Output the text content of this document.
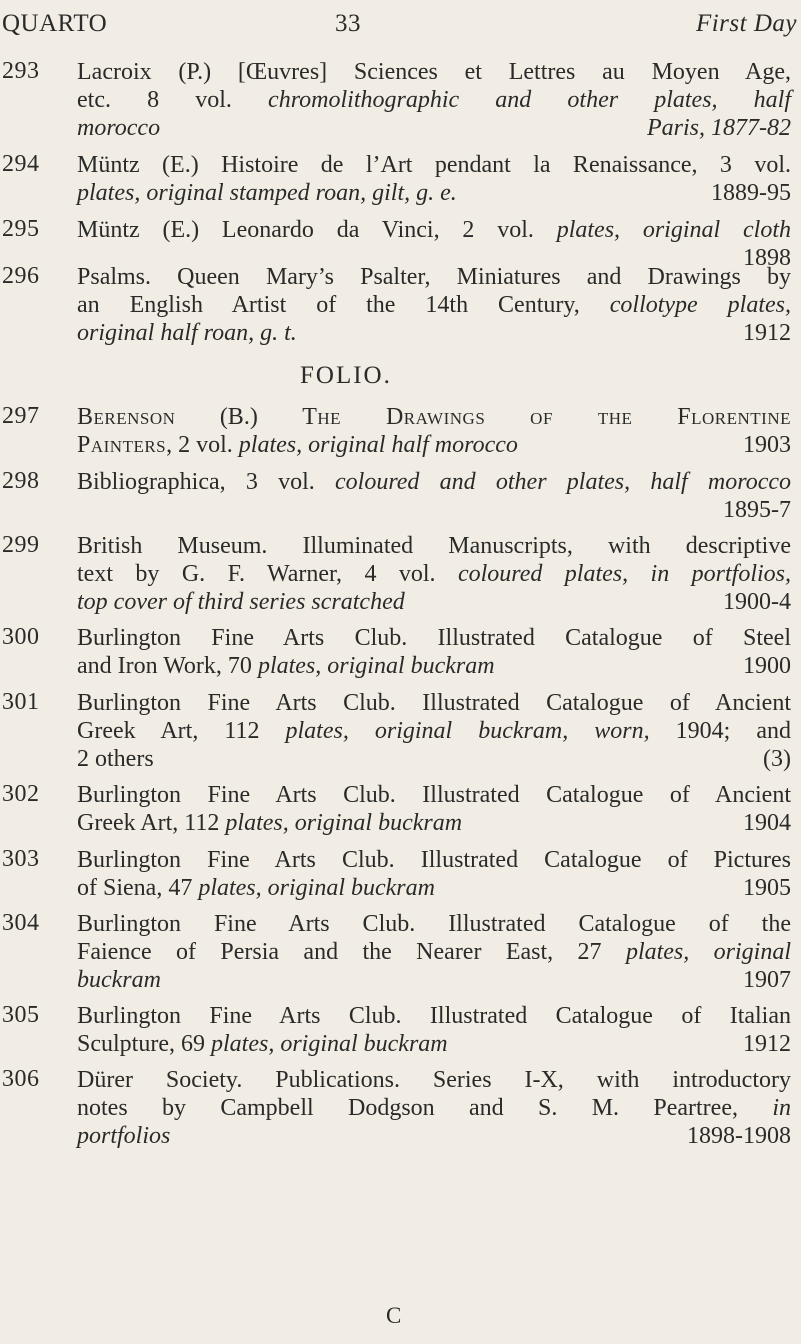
QUARTO	33	First Day
293 Lacroix (P.) [Œuvres] Sciences et Lettres au Moyen Age,
etc. 8 vol. chromolithographic and other plates, half
morocco	Paris, 1877-82
294 Müntz (E.) Histoire de l’Art pendant la Renaissance, 3 vol.
plates, original stamped roan, gilt, g. e.	1889-95
295 Müntz (E.) Leonardo da Vinci, 2 vol. plates, original cloth
1898
296 Psalms. Queen Mary’s Psalter, Miniatures and Drawings by
an English Artist of the 14th Century, collotype plates,
original half roan, g. t.	1912
FOLIO.
297 Berenson (B.) The Drawings of the Florentine
Painters, 2 vol. plates, original half morocco	1903
298 Bibliographica, 3 vol. coloured and other plates, half morocco
1895-7
299 British Museum. Illuminated Manuscripts, with descriptive
text by G. F. Warner, 4 vol. coloured plates, in portfolios,
top cover of third series scratched	1900-4
300 Burlington Fine Arts Club. Illustrated Catalogue of Steel
and Iron Work, 70 plates, original buckram	1900
301 Burlington Fine Arts Club. Illustrated Catalogue of Ancient
Greek Art, 112 plates, original buckram, worn, 1904; and
2 others	(3)
302 Burlington Fine Arts Club. Illustrated Catalogue of Ancient
Greek Art, 112 plates, original buckram	1904
303 Burlington Fine Arts Club. Illustrated Catalogue of Pictures
of Siena, 47 plates, original buckram	1905
304 Burlington Fine Arts Club. Illustrated Catalogue of the
Faience of Persia and the Nearer East, 27 plates, original
buckram	1907
305 Burlington Fine Arts Club. Illustrated Catalogue of Italian
Sculpture, 69 plates, original buckram	1912
306 Dürer Society. Publications. Series I-X, with introductory
notes by Campbell Dodgson and S. M. Peartree, in
portfolios	1898-1908
C
